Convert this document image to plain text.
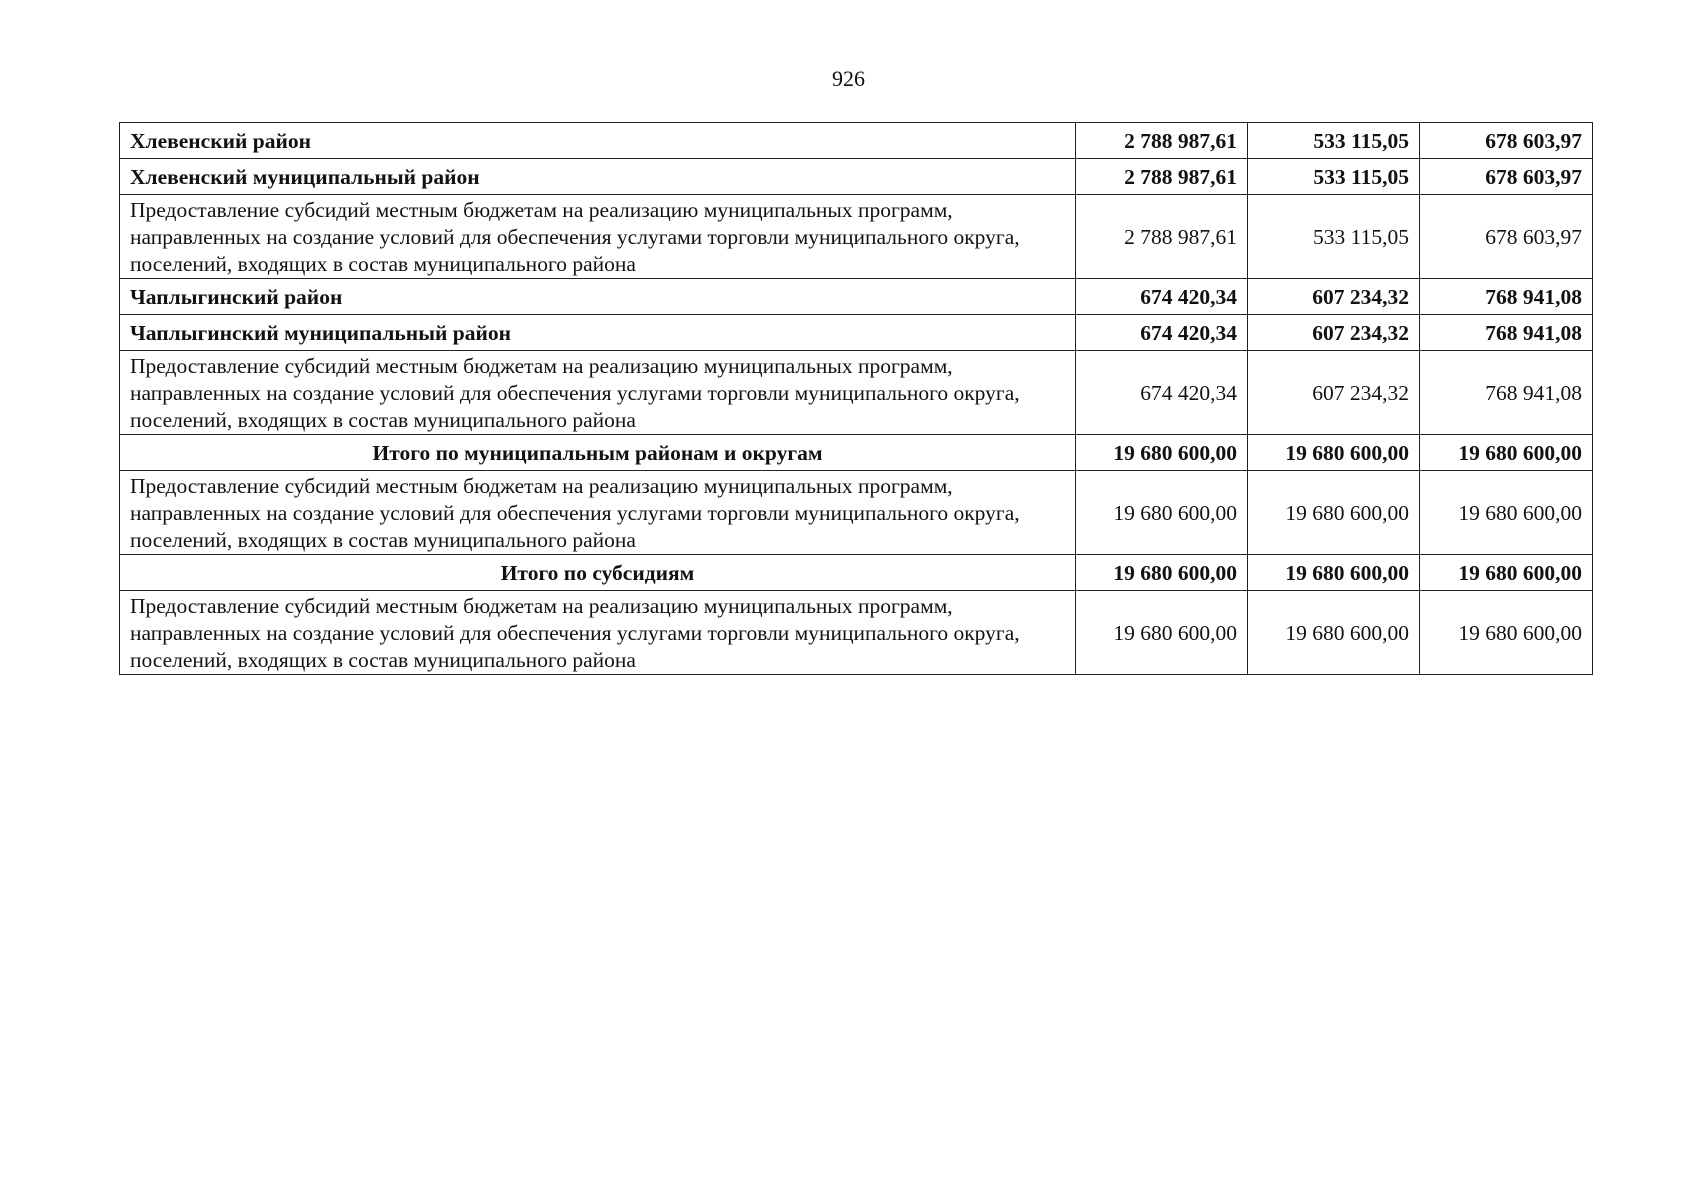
926
Хлевенский район	2 788 987,61	533 115,05	678 603,97
Хлевенский муниципальный район	2 788 987,61	533 115,05	678 603,97
Предоставление субсидий местным бюджетам на реализацию муниципальных программ, направленных на создание условий для обеспечения услугами торговли муниципального округа, поселений, входящих в состав муниципального района	2 788 987,61	533 115,05	678 603,97
Чаплыгинский район	674 420,34	607 234,32	768 941,08
Чаплыгинский муниципальный район	674 420,34	607 234,32	768 941,08
Предоставление субсидий местным бюджетам на реализацию муниципальных программ, направленных на создание условий для обеспечения услугами торговли муниципального округа, поселений, входящих в состав муниципального района	674 420,34	607 234,32	768 941,08
Итого по муниципальным районам и округам	19 680 600,00	19 680 600,00	19 680 600,00
Предоставление субсидий местным бюджетам на реализацию муниципальных программ, направленных на создание условий для обеспечения услугами торговли муниципального округа, поселений, входящих в состав муниципального района	19 680 600,00	19 680 600,00	19 680 600,00
Итого по субсидиям	19 680 600,00	19 680 600,00	19 680 600,00
Предоставление субсидий местным бюджетам на реализацию муниципальных программ, направленных на создание условий для обеспечения услугами торговли муниципального округа, поселений, входящих в состав муниципального района	19 680 600,00	19 680 600,00	19 680 600,00
